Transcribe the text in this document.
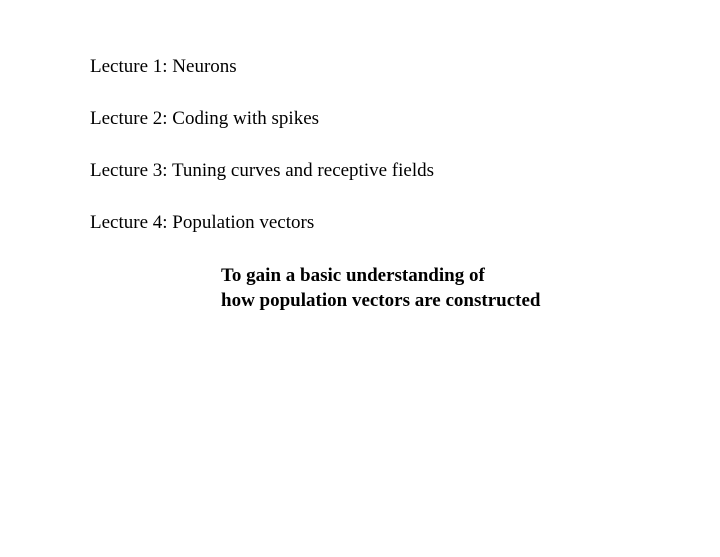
Lecture 1: Neurons
Lecture 2: Coding with spikes
Lecture 3: Tuning curves and receptive fields
Lecture 4: Population vectors
To gain a basic understanding of
how population vectors are constructed
